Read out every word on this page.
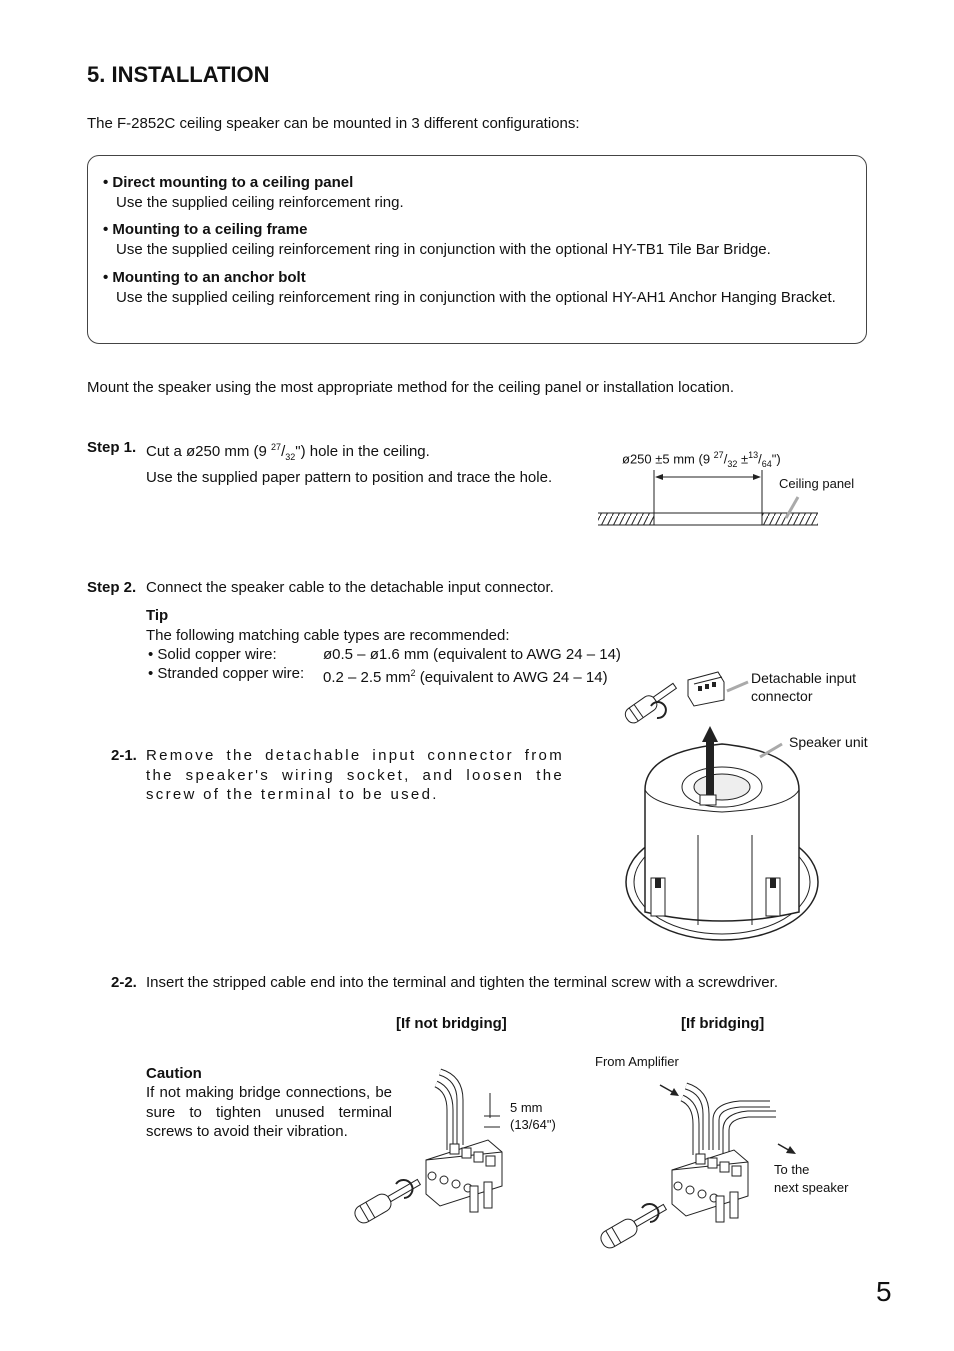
5. INSTALLATION
The F-2852C ceiling speaker can be mounted in 3 different configurations:
• Direct mounting to a ceiling panel
Use the supplied ceiling reinforcement ring.
• Mounting to a ceiling frame
Use the supplied ceiling reinforcement ring in conjunction with the optional HY-TB1 Tile Bar Bridge.
• Mounting to an anchor bolt
Use the supplied ceiling reinforcement ring in conjunction with the optional HY-AH1 Anchor Hanging Bracket.
Mount the speaker using the most appropriate method for the ceiling panel or installation location.
Step 1. Cut a ø250 mm (9 $^{27}/_{32}$") hole in the ceiling.
Use the supplied paper pattern to position and trace the hole.
ø250 ±5 mm (9 $^{27}/_{32}$ $\pm^{13}/_{64}$")
Ceiling panel
Step 2. Connect the speaker cable to the detachable input connector.
Tip
The following matching cable types are recommended:
• Solid copper wire:	ø0.5 – ø1.6 mm (equivalent to AWG 24 – 14)
• Stranded copper wire: 0.2 – 2.5 $mm^2$ (equivalent to AWG 24 – 14)	Detachable input
connector
Speaker unit
2-1. Remove the detachable input connector from the speaker's wiring socket, and loosen the screw of the terminal to be used.
2-2. Insert the stripped cable end into the terminal and tighten the terminal screw with a screwdriver.
[If not bridging]	[If bridging]
Caution
If not making bridge connections, be sure to tighten unused terminal screws to avoid their vibration.
5 mm
(13/64")
From Amplifier
To the
next speaker
5
